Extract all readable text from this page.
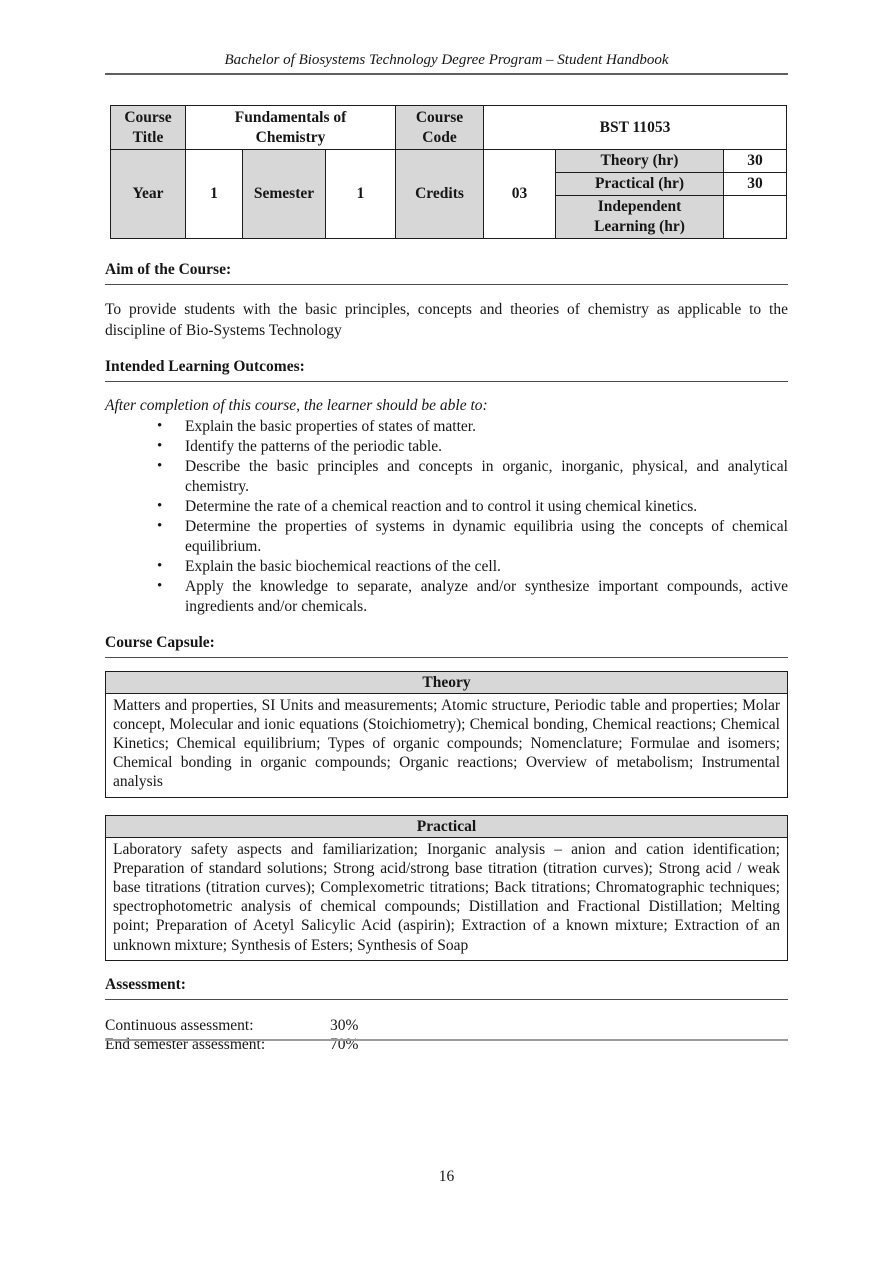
Bachelor of Biosystems Technology Degree Program – Student Handbook
Course Title	Fundamentals of Chemistry			Course Code	BST 11053		
Year	1	Semester	1	Credits	03	Theory (hr)	30
						Practical (hr)	30
						Independent Learning (hr)	
Aim of the Course:
To provide students with the basic principles, concepts and theories of chemistry as applicable to the discipline of Bio-Systems Technology
Intended Learning Outcomes:
After completion of this course, the learner should be able to:
• Explain the basic properties of states of matter.
• Identify the patterns of the periodic table.
• Describe the basic principles and concepts in organic, inorganic, physical, and analytical chemistry.
• Determine the rate of a chemical reaction and to control it using chemical kinetics.
• Determine the properties of systems in dynamic equilibria using the concepts of chemical equilibrium.
• Explain the basic biochemical reactions of the cell.
• Apply the knowledge to separate, analyze and/or synthesize important compounds, active ingredients and/or chemicals.
Course Capsule:
Theory
Matters and properties, SI Units and measurements; Atomic structure, Periodic table and properties; Molar concept, Molecular and ionic equations (Stoichiometry); Chemical bonding, Chemical reactions; Chemical Kinetics; Chemical equilibrium; Types of organic compounds; Nomenclature; Formulae and isomers; Chemical bonding in organic compounds; Organic reactions; Overview of metabolism; Instrumental analysis
Practical
Laboratory safety aspects and familiarization; Inorganic analysis – anion and cation identification; Preparation of standard solutions; Strong acid/strong base titration (titration curves); Strong acid / weak base titrations (titration curves); Complexometric titrations; Back titrations; Chromatographic techniques; spectrophotometric analysis of chemical compounds; Distillation and Fractional Distillation; Melting point; Preparation of Acetyl Salicylic Acid (aspirin); Extraction of a known mixture; Extraction of an unknown mixture; Synthesis of Esters; Synthesis of Soap
Assessment:
Continuous assessment:	30%
End semester assessment:	70%
16
